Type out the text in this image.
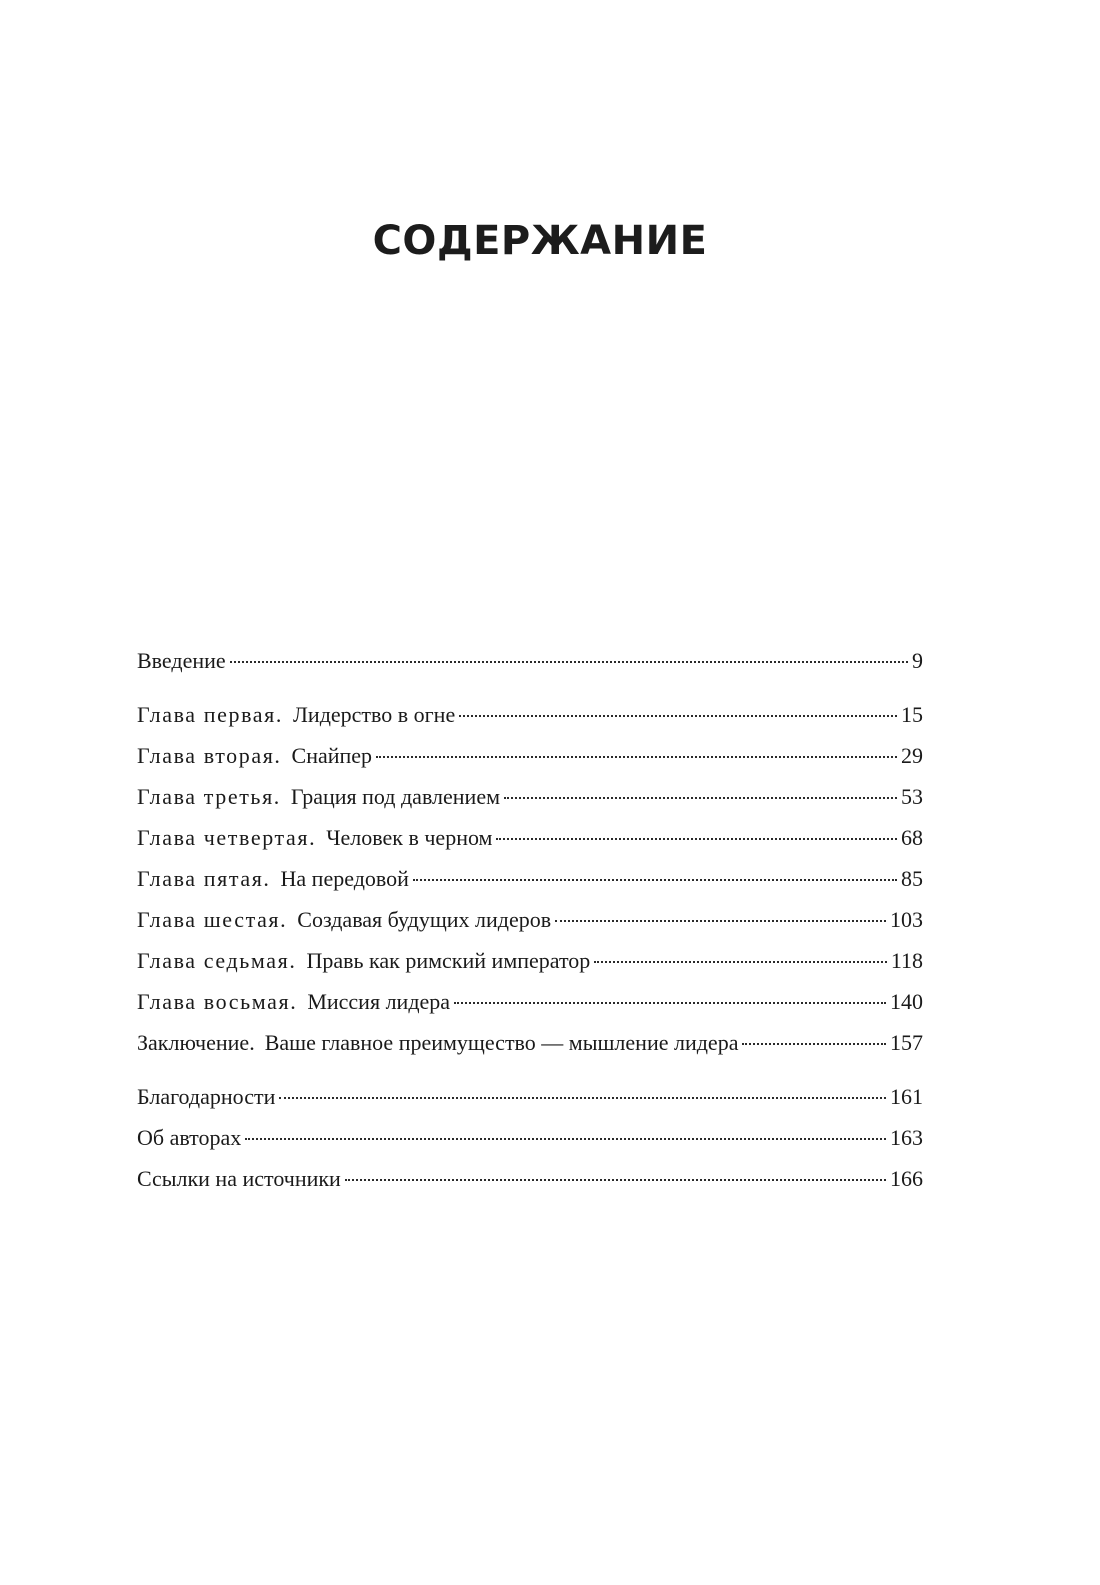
СОДЕРЖАНИЕ
Введение	9
Глава первая. Лидерство в огне	15
Глава вторая. Снайпер	29
Глава третья. Грация под давлением	53
Глава четвертая. Человек в черном	68
Глава пятая. На передовой	85
Глава шестая. Создавая будущих лидеров	103
Глава седьмая. Правь как римский император	118
Глава восьмая. Миссия лидера	140
Заключение. Ваше главное преимущество — мышление лидера	157
Благодарности	161
Об авторах	163
Ссылки на источники	166
